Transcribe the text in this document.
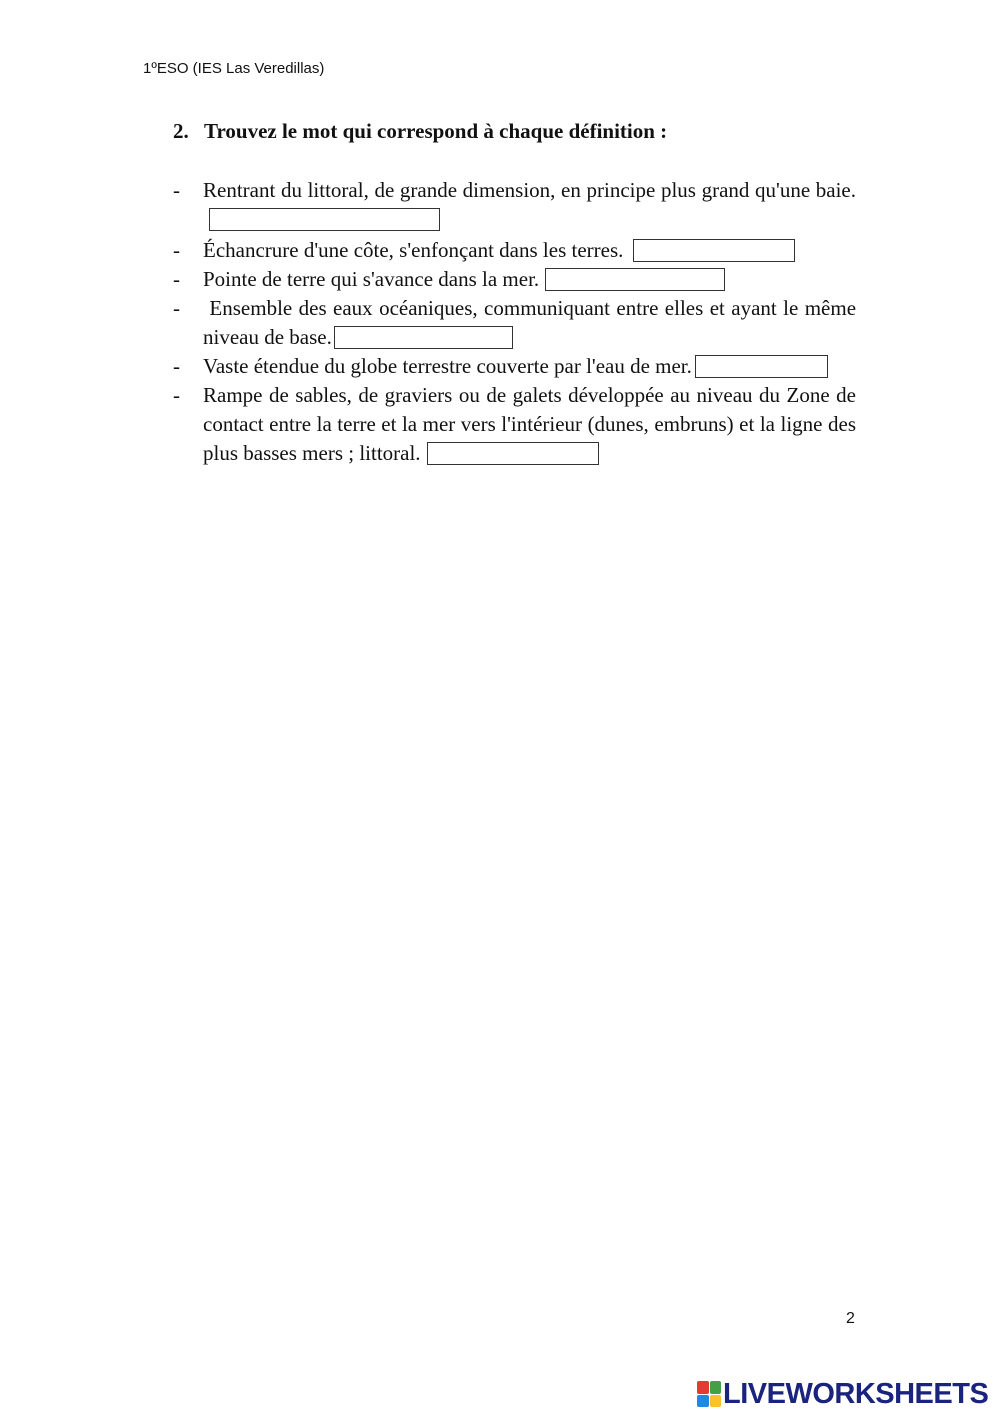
1ºESO (IES Las Veredillas)
2. Trouvez le mot qui correspond à chaque définition :
- Rentrant du littoral, de grande dimension, en principe plus grand qu'une baie.
- Échancrure d'une côte, s'enfonçant dans les terres.
- Pointe de terre qui s'avance dans la mer.
- Ensemble des eaux océaniques, communiquant entre elles et ayant le même niveau de base.
- Vaste étendue du globe terrestre couverte par l'eau de mer.
- Rampe de sables, de graviers ou de galets développée au niveau du Zone de contact entre la terre et la mer vers l'intérieur (dunes, embruns) et la ligne des plus basses mers ; littoral.
2
LIVEWORKSHEETS
